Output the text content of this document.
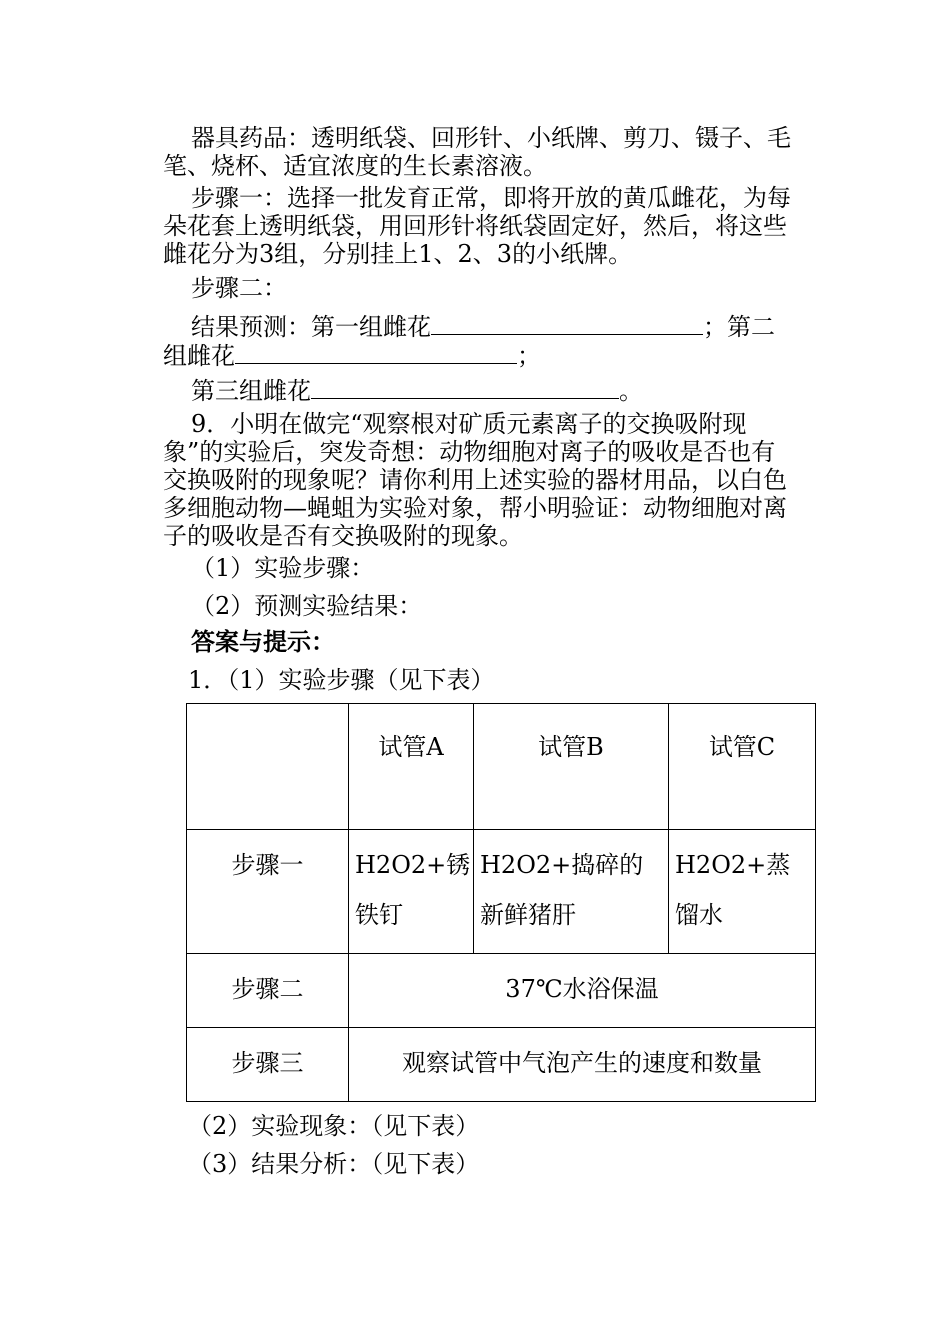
器具药品：透明纸袋、回形针、小纸牌、剪刀、镊子、毛笔、烧杯、适宜浓度的生长素溶液。

步骤一：选择一批发育正常，即将开放的黄瓜雌花，为每朵花套上透明纸袋，用回形针将纸袋固定好，然后，将这些雌花分为3组，分别挂上1、2、3的小纸牌。

步骤二：

结果预测：第一组雌花	；第二组雌花	；

第三组雌花	。

9．小明在做完“观察根对矿质元素离子的交换吸附现象”的实验后，突发奇想：动物细胞对离子的吸收是否也有交换吸附的现象呢？请你利用上述实验的器材用品，以白色多细胞动物—蝇蛆为实验对象，帮小明验证：动物细胞对离子的吸收是否有交换吸附的现象。

（1）实验步骤：

（2）预测实验结果：

答案与提示：

1．（1）实验步骤（见下表）

	试管A	试管B	试管C

步骤一	H2O2+锈铁钉	H2O2+捣碎的新鲜猪肝	H2O2+蒸馏水

步骤二	37℃水浴保温		

步骤三	观察试管中气泡产生的速度和数量		

（2）实验现象：（见下表）

（3）结果分析：（见下表）
